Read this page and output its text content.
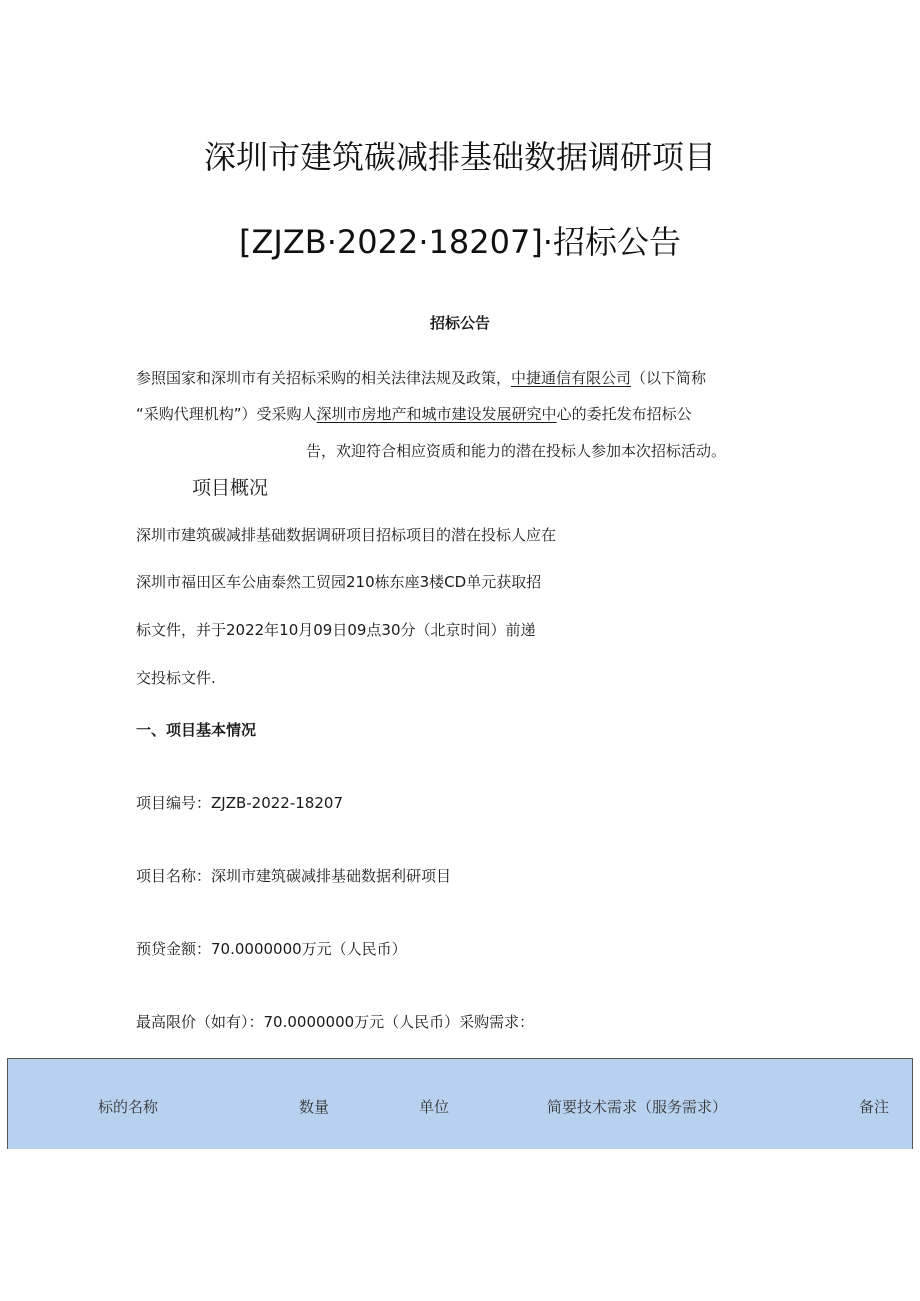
深圳市建筑碳减排基础数据调研项目
[ZJZB·2022·18207]·招标公告
招标公告
参照国家和深圳市有关招标采购的相关法律法规及政策，中捷通信有限公司（以下简称
“采购代理机构”）受采购人深圳市房地产和城市建设发展研究中心的委托发布招标公
告，欢迎符合相应资质和能力的潜在投标人参加本次招标活动。
项目概况
深圳市建筑碳减排基础数据调研项目招标项目的潜在投标人应在
深圳市福田区车公庙泰然工贸园210栋东座3楼CD单元获取招
标文件，并于2022年10月09日09点30分（北京时间）前递
交投标文件.
一、项目基本情况
项目编号：ZJZB-2022-18207
项目名称：深圳市建筑碳减排基础数据利研项目
预贷金额：70.0000000万元（人民币）
最高限价（如有）：70.0000000万元（人民币）采购需求：
标的名称	数量	单位	简要技术需求（服务需求）	备注
